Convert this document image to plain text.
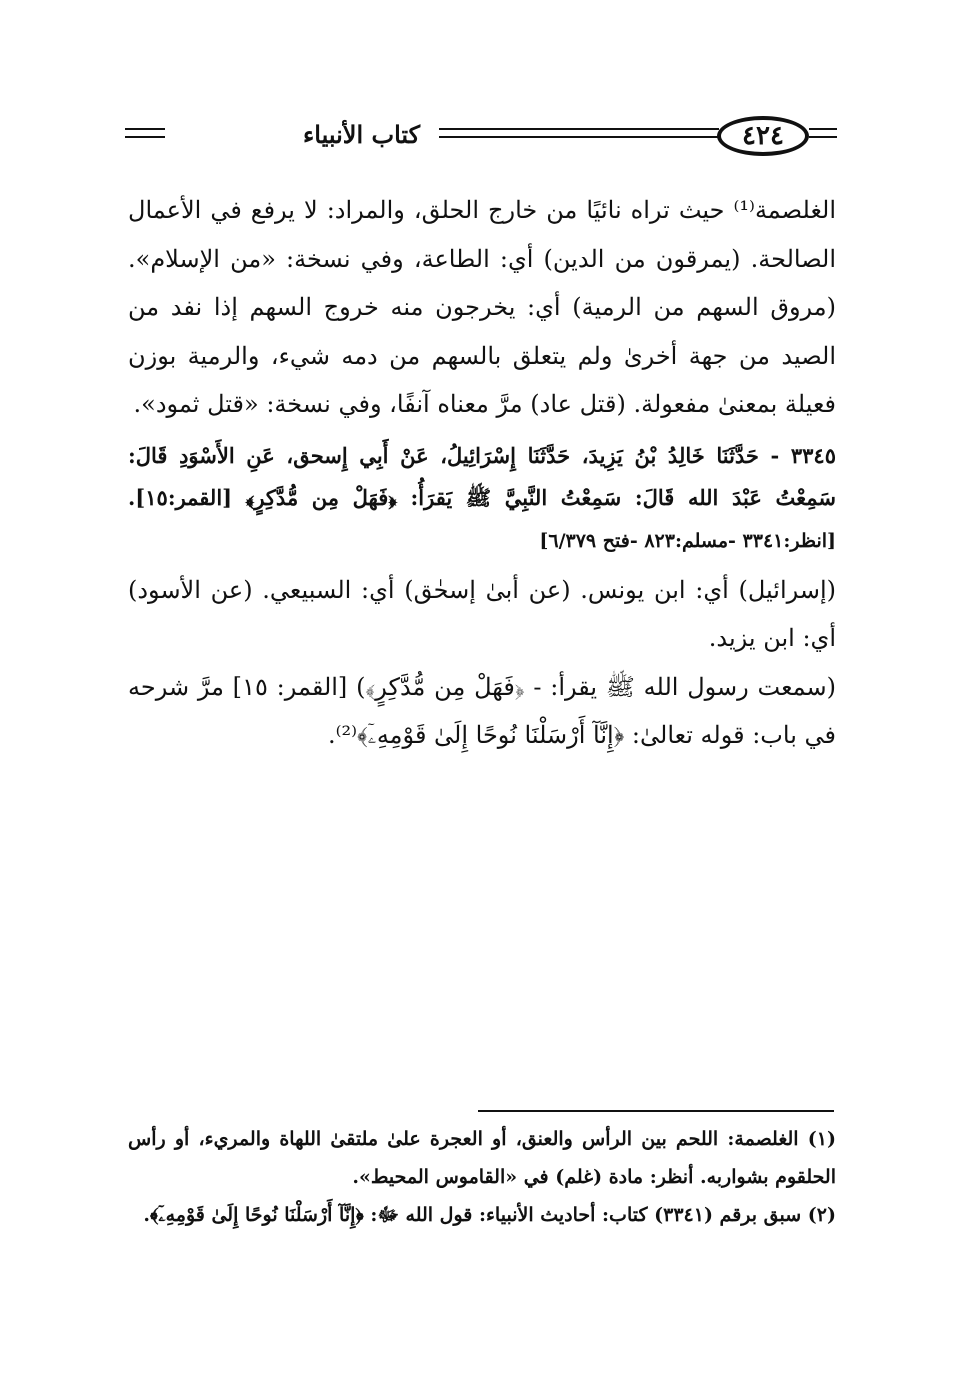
كتاب الأنبياء	٤٢٤

الغلصمة⁽¹⁾ حيث تراه نائيًا من خارج الحلق، والمراد: لا يرفع في الأعمال الصالحة. (يمرقون من الدين) أي: الطاعة، وفي نسخة: «من الإسلام». (مروق السهم من الرمية) أي: يخرجون منه خروج السهم إذا نفد من الصيد من جهة أخرىٰ ولم يتعلق بالسهم من دمه شيء، والرمية بوزن فعيلة بمعنىٰ مفعولة. (قتل عاد) مرَّ معناه آنفًا، وفي نسخة: «قتل ثمود».

٣٣٤٥ - حَدَّثَنَا خَالِدُ بْنُ يَزِيدَ، حَدَّثَنَا إِسْرَائِيلُ، عَنْ أَبِي إِسحق، عَنِ الأَسْوَدِ قَالَ: سَمِعْتُ عَبْدَ الله قَالَ: سَمِعْتُ النَّبِيَّ ﷺ يَقرَأُ: ﴿فَهَلْ مِن مُّدَّكِرٍ﴾ [القمر:١٥]. [انظر:٣٣٤١ -مسلم:٨٢٣ -فتح ٦/٣٧٩]

(إسرائيل) أي: ابن يونس. (عن أبىٰ إسحٰق) أي: السبيعي. (عن الأسود) أي: ابن يزيد.

(سمعت رسول الله ﷺ يقرأ: - ﴿فَهَلْ مِن مُّدَّكِرٍ﴾) [القمر: ١٥] مرَّ شرحه في باب: قوله تعالىٰ: ﴿إِنَّآ أَرْسَلْنَا نُوحًا إِلَىٰ قَوْمِهِۦٓ﴾⁽²⁾.

(١) الغلصمة: اللحم بين الرأس والعنق، أو العجرة علىٰ ملتقىٰ اللهاة والمريء، أو رأس الحلقوم بشواربه. أنظر: مادة (غلم) في «القاموس المحيط».

(٢) سبق برقم (٣٣٤١) كتاب: أحاديث الأنبياء: قول الله ﷻ: ﴿إِنَّآ أَرْسَلْنَا نُوحًا إِلَىٰ قَوْمِهِۦٓ﴾.
